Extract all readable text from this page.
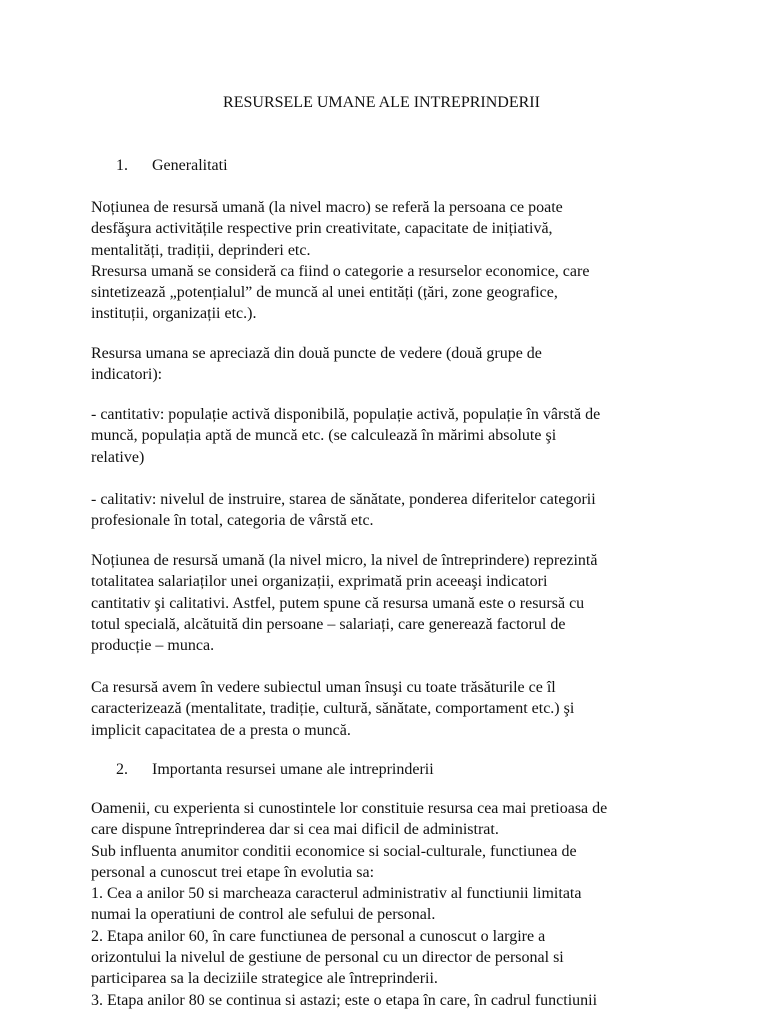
RESURSELE UMANE ALE INTREPRINDERII
1. Generalitati
Noțiunea de resursă umană (la nivel macro) se referă la persoana ce poate
desfăşura activitățile respective prin creativitate, capacitate de inițiativă,
mentalități, tradiții, deprinderi etc.
Rresursa umană se consideră ca fiind o categorie a resurselor economice, care
sintetizează „potențialul” de muncă al unei entități (țări, zone geografice,
instituții, organizații etc.).
Resursa umana se apreciază din două puncte de vedere (două grupe de
indicatori):
- cantitativ: populație activă disponibilă, populație activă, populație în vârstă de
muncă, populația aptă de muncă etc. (se calculează în mărimi absolute şi
relative)
- calitativ: nivelul de instruire, starea de sănătate, ponderea diferitelor categorii
profesionale în total, categoria de vârstă etc.
Noțiunea de resursă umană (la nivel micro, la nivel de întreprindere) reprezintă
totalitatea salariaților unei organizații, exprimată prin aceeaşi indicatori
cantitativ şi calitativi. Astfel, putem spune că resursa umană este o resursă cu
totul specială, alcătuită din persoane – salariați, care generează factorul de
producție – munca.
Ca resursă avem în vedere subiectul uman însuşi cu toate trăsăturile ce îl
caracterizează (mentalitate, tradiție, cultură, sănătate, comportament etc.) şi
implicit capacitatea de a presta o muncă.
2. Importanta resursei umane ale intreprinderii
Oamenii, cu experienta si cunostintele lor constituie resursa cea mai pretioasa de
care dispune întreprinderea dar si cea mai dificil de administrat.
Sub influenta anumitor conditii economice si social-culturale, functiunea de
personal a cunoscut trei etape în evolutia sa:
1. Cea a anilor 50 si marcheaza caracterul administrativ al functiunii limitata
numai la operatiuni de control ale sefului de personal.
2. Etapa anilor 60, în care functiunea de personal a cunoscut o largire a
orizontului la nivelul de gestiune de personal cu un director de personal si
participarea sa la deciziile strategice ale întreprinderii.
3. Etapa anilor 80 se continua si astazi; este o etapa în care, în cadrul functiunii
